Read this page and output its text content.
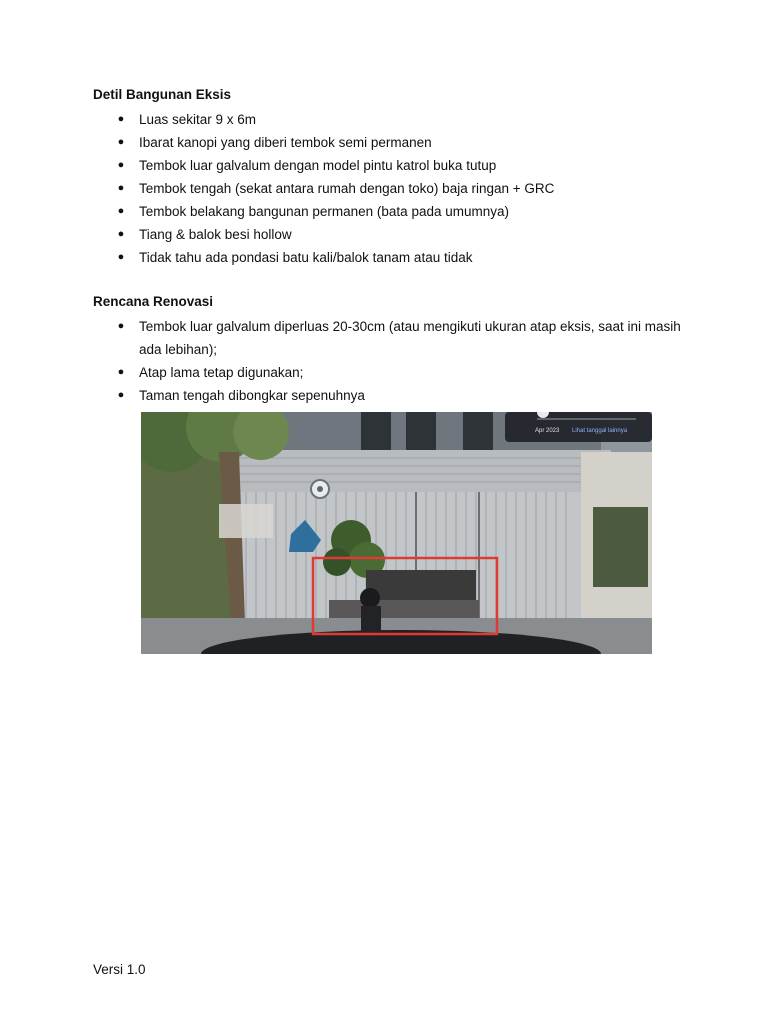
Detil Bangunan Eksis
● Luas sekitar 9 x 6m
● Ibarat kanopi yang diberi tembok semi permanen
● Tembok luar galvalum dengan model pintu katrol buka tutup
● Tembok tengah (sekat antara rumah dengan toko) baja ringan + GRC
● Tembok belakang bangunan permanen (bata pada umumnya)
● Tiang & balok besi hollow
● Tidak tahu ada pondasi batu kali/balok tanam atau tidak
Rencana Renovasi
● Tembok luar galvalum diperluas 20-30cm (atau mengikuti ukuran atap eksis, saat ini masih ada lebihan);
● Atap lama tetap digunakan;
● Taman tengah dibongkar sepenuhnya
Apr 2023 Lihat tanggal lainnya
Versi 1.0
